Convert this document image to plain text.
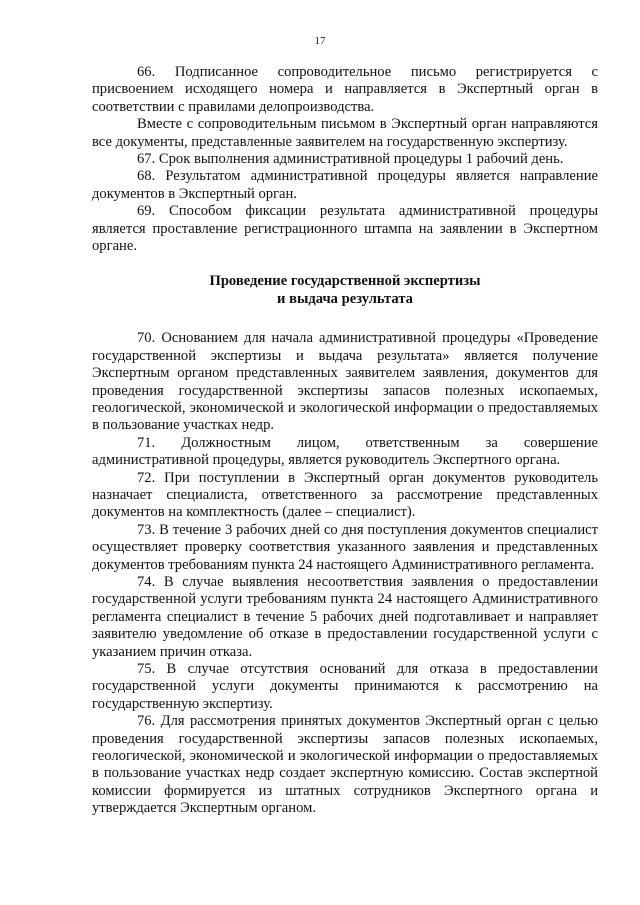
17

66. Подписанное сопроводительное письмо регистрируется с присвоением исходящего номера и направляется в Экспертный орган в соответствии с правилами делопроизводства.

Вместе с сопроводительным письмом в Экспертный орган направляются все документы, представленные заявителем на государственную экспертизу.

67. Срок выполнения административной процедуры 1 рабочий день.

68. Результатом административной процедуры является направление документов в Экспертный орган.

69. Способом фиксации результата административной процедуры является проставление регистрационного штампа на заявлении в Экспертном органе.

Проведение государственной экспертизы
и выдача результата

70. Основанием для начала административной процедуры «Проведение государственной экспертизы и выдача результата» является получение Экспертным органом представленных заявителем заявления, документов для проведения государственной экспертизы запасов полезных ископаемых, геологической, экономической и экологической информации о предоставляемых в пользование участках недр.

71. Должностным лицом, ответственным за совершение административной процедуры, является руководитель Экспертного органа.

72. При поступлении в Экспертный орган документов руководитель назначает специалиста, ответственного за рассмотрение представленных документов на комплектность (далее – специалист).

73. В течение 3 рабочих дней со дня поступления документов специалист осуществляет проверку соответствия указанного заявления и представленных документов требованиям пункта 24 настоящего Административного регламента.

74. В случае выявления несоответствия заявления о предоставлении государственной услуги требованиям пункта 24 настоящего Административного регламента специалист в течение 5 рабочих дней подготавливает и направляет заявителю уведомление об отказе в предоставлении государственной услуги с указанием причин отказа.

75. В случае отсутствия оснований для отказа в предоставлении государственной услуги документы принимаются к рассмотрению на государственную экспертизу.

76. Для рассмотрения принятых документов Экспертный орган с целью проведения государственной экспертизы запасов полезных ископаемых, геологической, экономической и экологической информации о предоставляемых в пользование участках недр создает экспертную комиссию. Состав экспертной комиссии формируется из штатных сотрудников Экспертного органа и утверждается Экспертным органом.
